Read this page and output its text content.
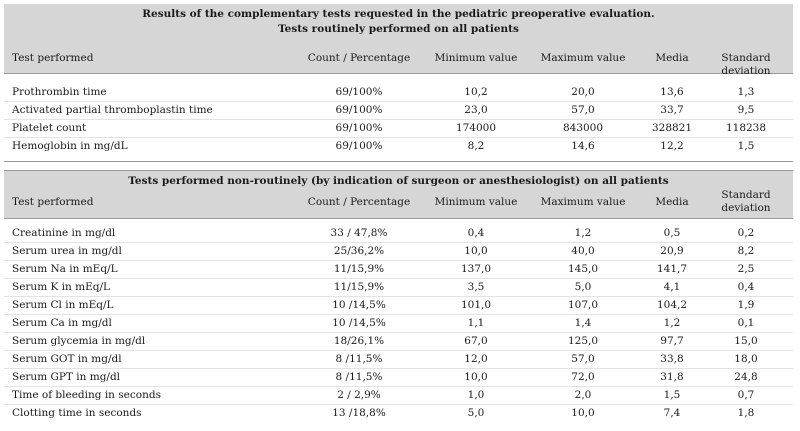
Results of the complementary tests requested in the pediatric preoperative evaluation.
Tests routinely performed on all patients
Test performed	Count / Percentage	Minimum value	Maximum value	Media	Standard
deviation
Prothrombin time	69/100%	10,2	20,0	13,6	1,3
Activated partial thromboplastin time	69/100%	23,0	57,0	33,7	9,5
Platelet count	69/100%	174000	843000	328821	118238
Hemoglobin in mg/dL	69/100%	8,2	14,6	12,2	1,5
Tests performed non-routinely (by indication of surgeon or anesthesiologist) on all patients
Test performed	Count / Percentage	Minimum value	Maximum value	Media
Standard
deviation
Creatinine in mg/dl	33 / 47,8%	0,4	1,2	0,5	0,2
Serum urea in mg/dl	25/36,2%	10,0	40,0	20,9	8,2
Serum Na in mEq/L	11/15,9%	137,0	145,0	141,7	2,5
Serum K in mEq/L	11/15,9%	3,5	5,0	4,1	0,4
Serum Cl in mEq/L	10 /14,5%	101,0	107,0	104,2	1,9
Serum Ca in mg/dl	10 /14,5%	1,1	1,4	1,2	0,1
Serum glycemia in mg/dl	18/26,1%	67,0	125,0	97,7	15,0
Serum GOT in mg/dl	8 /11,5%	12,0	57,0	33,8	18,0
Serum GPT in mg/dl	8 /11,5%	10,0	72,0	31,8	24,8
Time of bleeding in seconds	2 / 2,9%	1,0	2,0	1,5	0,7
Clotting time in seconds	13 /18,8%	5,0	10,0	7,4	1,8
